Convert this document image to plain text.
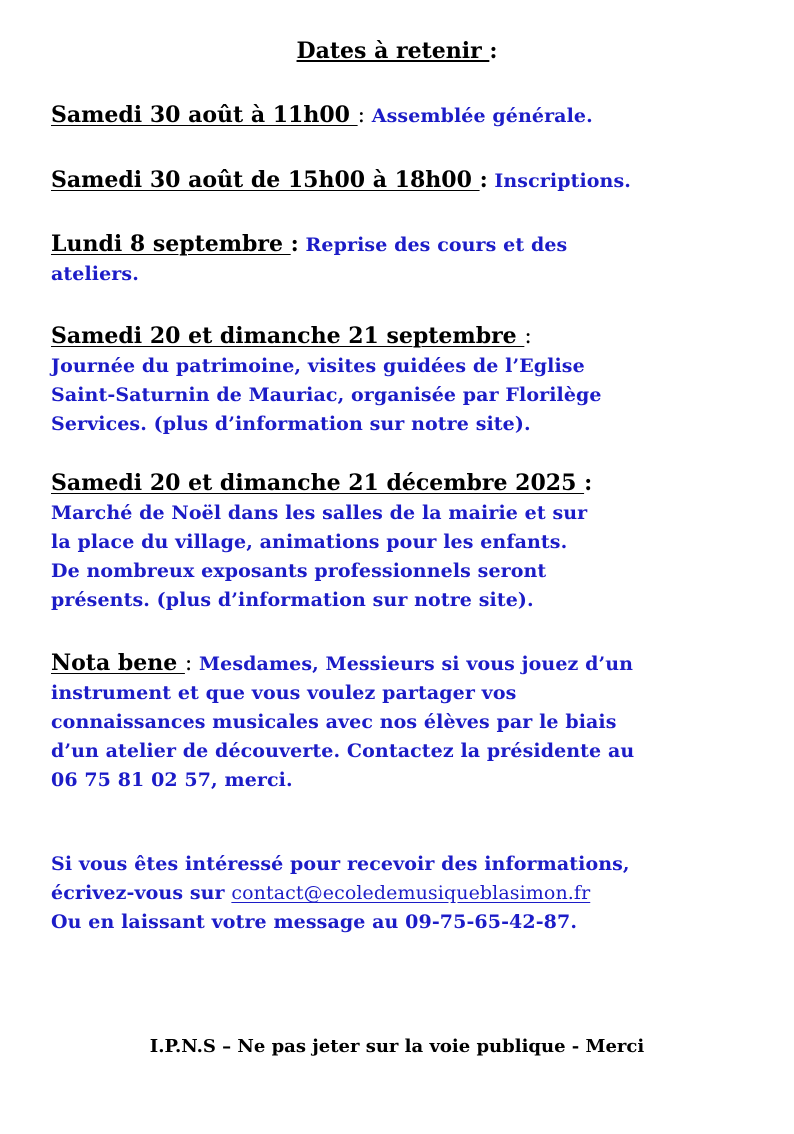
Dates à retenir :
Samedi 30 août à 11h00 : Assemblée générale.
Samedi 30 août de 15h00 à 18h00 : Inscriptions.
Lundi 8 septembre : Reprise des cours et des
ateliers.
Samedi 20 et dimanche 21 septembre :
Journée du patrimoine, visites guidées de l’Eglise
Saint-Saturnin de Mauriac, organisée par Florilège
Services. (plus d’information sur notre site).
Samedi 20 et dimanche 21 décembre 2025 :
Marché de Noël dans les salles de la mairie et sur
la place du village, animations pour les enfants.
De nombreux exposants professionnels seront
présents. (plus d’information sur notre site).
Nota bene : Mesdames, Messieurs si vous jouez d’un
instrument et que vous voulez partager vos
connaissances musicales avec nos élèves par le biais
d’un atelier de découverte. Contactez la présidente au
06 75 81 02 57, merci.
Si vous êtes intéressé pour recevoir des informations,
écrivez-vous sur contact@ecoledemusiqueblasimon.fr
Ou en laissant votre message au 09-75-65-42-87.
I.P.N.S – Ne pas jeter sur la voie publique - Merci
